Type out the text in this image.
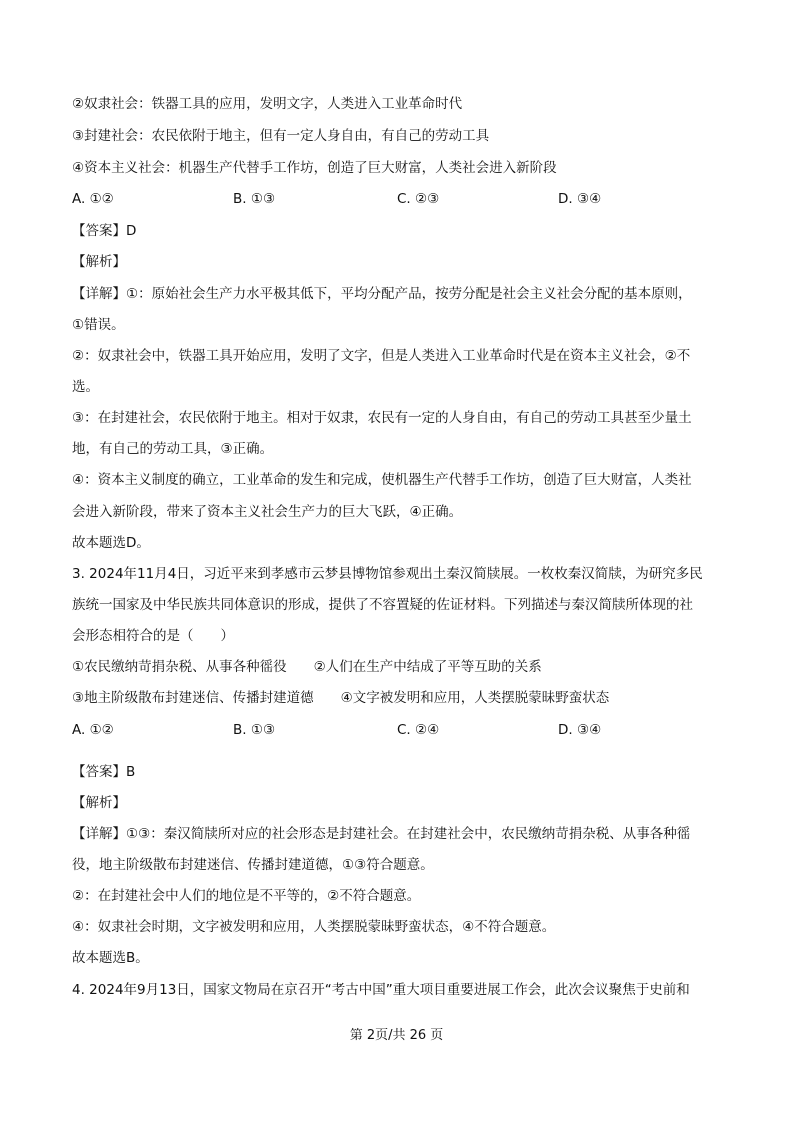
②奴隶社会：铁器工具的应用，发明文字，人类进入工业革命时代
③封建社会：农民依附于地主，但有一定人身自由，有自己的劳动工具
④资本主义社会：机器生产代替手工作坊，创造了巨大财富，人类社会进入新阶段
A. ①②	B. ①③	C. ②③	D. ③④
【答案】D
【解析】
【详解】①：原始社会生产力水平极其低下，平均分配产品，按劳分配是社会主义社会分配的基本原则，
①错误。
②：奴隶社会中，铁器工具开始应用，发明了文字，但是人类进入工业革命时代是在资本主义社会，②不
选。
③：在封建社会，农民依附于地主。相对于奴隶，农民有一定的人身自由，有自己的劳动工具甚至少量土
地，有自己的劳动工具，③正确。
④：资本主义制度的确立，工业革命的发生和完成，使机器生产代替手工作坊，创造了巨大财富，人类社
会进入新阶段，带来了资本主义社会生产力的巨大飞跃，④正确。
故本题选D。
3. 2024年11月4日，习近平来到孝感市云梦县博物馆参观出土秦汉简牍展。一枚枚秦汉简牍，为研究多民
族统一国家及中华民族共同体意识的形成，提供了不容置疑的佐证材料。下列描述与秦汉简牍所体现的社
会形态相符合的是（　　）
①农民缴纳苛捐杂税、从事各种徭役　　②人们在生产中结成了平等互助的关系
③地主阶级散布封建迷信、传播封建道德　　④文字被发明和应用，人类摆脱蒙昧野蛮状态
A. ①②	B. ①③	C. ②④	D. ③④
【答案】B
【解析】
【详解】①③：秦汉简牍所对应的社会形态是封建社会。在封建社会中，农民缴纳苛捐杂税、从事各种徭
役，地主阶级散布封建迷信、传播封建道德，①③符合题意。
②：在封建社会中人们的地位是不平等的，②不符合题意。
④：奴隶社会时期，文字被发明和应用，人类摆脱蒙昧野蛮状态，④不符合题意。
故本题选B。
4. 2024年9月13日，国家文物局在京召开“考古中国”重大项目重要进展工作会，此次会议聚焦于史前和
第 2页/共 26 页
